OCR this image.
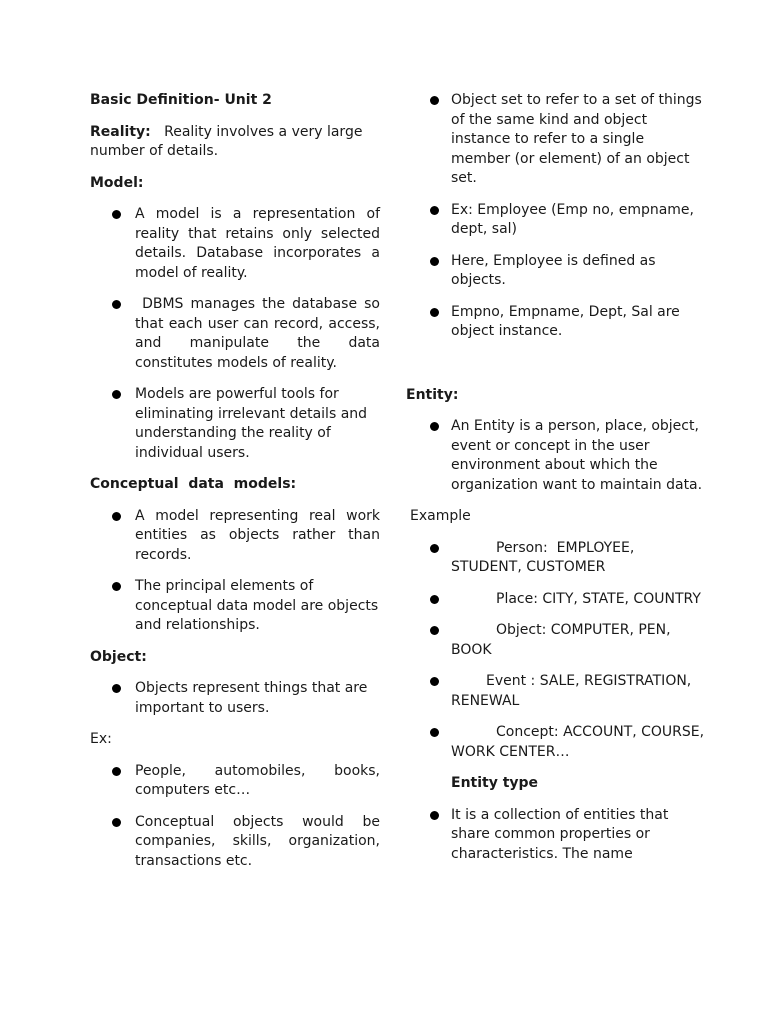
Basic Definition- Unit 2

Reality:   Reality involves a very large number of details.

Model:

A model is a representation of reality that retains only selected details. Database incorporates a model of reality.
DBMS manages the database so that each user can record, access, and manipulate the data constitutes models of reality.
Models are powerful tools for eliminating irrelevant details and understanding the reality of individual users.

Conceptual  data  models:

A model representing real work entities as objects rather than records.
The principal elements of conceptual data model are objects and relationships.

Object:

Objects represent things that are important to users.

Ex:

People, automobiles, books, computers etc…
Conceptual objects would be companies, skills, organization, transactions etc.
Object set to refer to a set of things of the same kind and object instance to refer to a single member (or element) of an object set.
Ex: Employee (Emp no, empname, dept, sal)
Here, Employee is defined as objects.
Empno, Empname, Dept, Sal are object instance.

Entity:

An Entity is a person, place, object, event or concept in the user environment about which the organization want to maintain data.

Example

Person:  EMPLOYEE, STUDENT, CUSTOMER
Place: CITY, STATE, COUNTRY
Object: COMPUTER, PEN, BOOK
Event : SALE, REGISTRATION, RENEWAL
Concept: ACCOUNT, COURSE, WORK CENTER…

Entity type

It is a collection of entities that share common properties or characteristics. The name
